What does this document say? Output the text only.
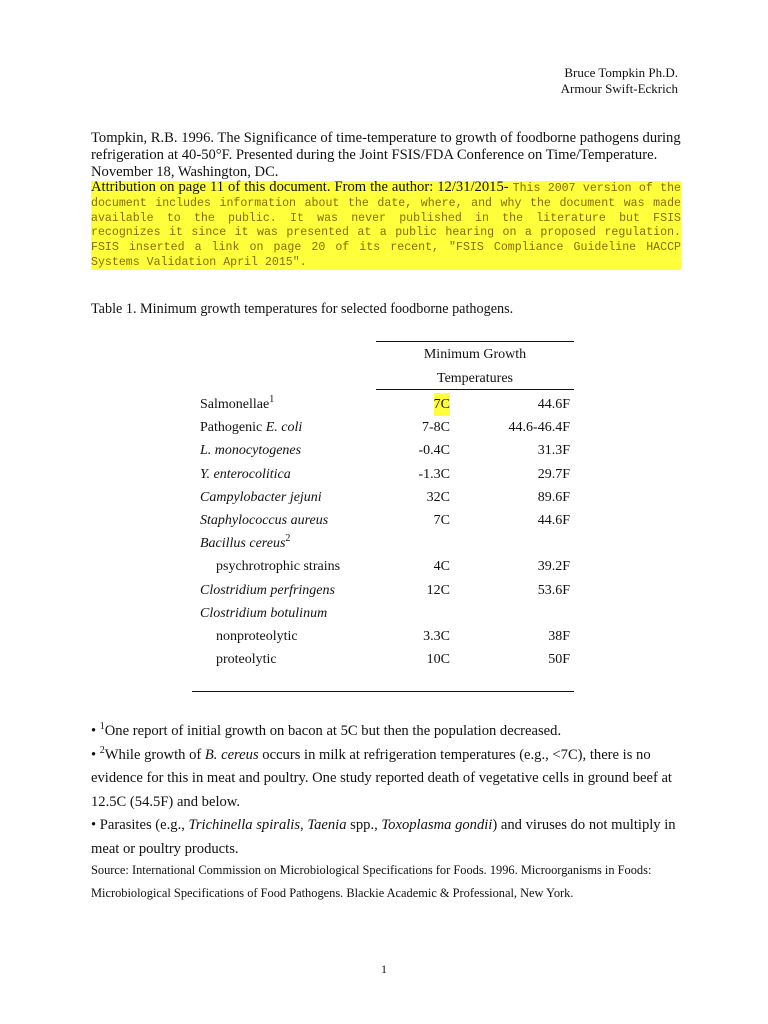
Bruce Tompkin Ph.D.
Armour Swift-Eckrich
Tompkin, R.B. 1996. The Significance of time-temperature to growth of foodborne pathogens during refrigeration at 40-50°F. Presented during the Joint FSIS/FDA Conference on Time/Temperature. November 18, Washington, DC.
Attribution on page 11 of this document. From the author: 12/31/2015- This 2007 version of the document includes information about the date, where, and why the document was made available to the public. It was never published in the literature but FSIS recognizes it since it was presented at a public hearing on a proposed regulation. FSIS inserted a link on page 20 of its recent, "FSIS Compliance Guideline HACCP Systems Validation April 2015".
Table 1. Minimum growth temperatures for selected foodborne pathogens.
Minimum Growth
Temperatures
Salmonellae$^1$	7C	44.6F
Pathogenic E. coli	7-8C	44.6-46.4F
L. monocytogenes	-0.4C	31.3F
Y. enterocolitica	-1.3C	29.7F
Campylobacter jejuni	32C	89.6F
Staphylococcus aureus	7C	44.6F
Bacillus cereus$^2$
psychrotrophic strains	4C	39.2F
Clostridium perfringens	12C	53.6F
Clostridium botulinum
nonproteolytic	3.3C	38F
proteolytic	10C	50F

• $^1$One report of initial growth on bacon at 5C but then the population decreased.

• $^2$While growth of B. cereus occurs in milk at refrigeration temperatures (e.g., <7C), there is no evidence for this in meat and poultry. One study reported death of vegetative cells in ground beef at 12.5C (54.5F) and below.

• Parasites (e.g., Trichinella spiralis, Taenia spp., Toxoplasma gondii) and viruses do not multiply in meat or poultry products.

Source: International Commission on Microbiological Specifications for Foods. 1996. Microorganisms in Foods:

Microbiological Specifications of Food Pathogens. Blackie Academic & Professional, New York.

1
